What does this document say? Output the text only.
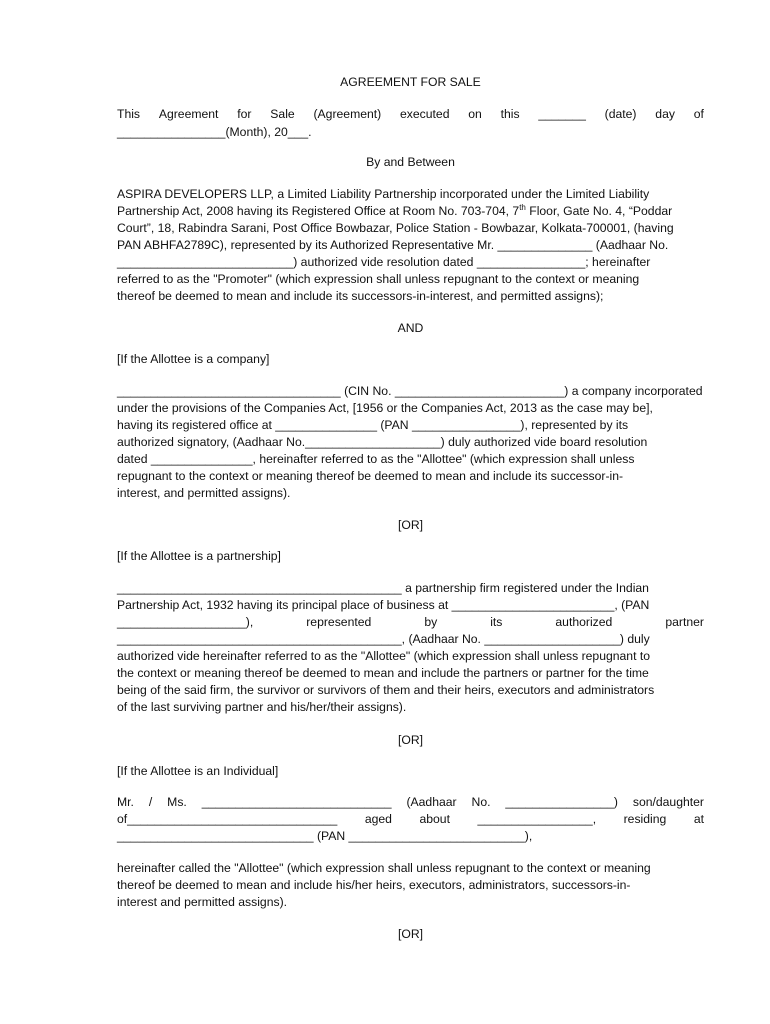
AGREEMENT FOR SALE
This Agreement for Sale (Agreement) executed on this _______ (date) day of
________________(Month), 20___.
By and Between
ASPIRA DEVELOPERS LLP, a Limited Liability Partnership incorporated under the Limited Liability
Partnership Act, 2008 having its Registered Office at Room No. 703-704, 7th Floor, Gate No. 4, “Poddar
Court”, 18, Rabindra Sarani, Post Office Bowbazar, Police Station - Bowbazar, Kolkata-700001, (having
PAN ABHFA2789C), represented by its Authorized Representative Mr. ______________ (Aadhaar No.
__________________________) authorized vide resolution dated ________________; hereinafter
referred to as the "Promoter" (which expression shall unless repugnant to the context or meaning
thereof be deemed to mean and include its successors-in-interest, and permitted assigns);
AND
[If the Allottee is a company]
_________________________________ (CIN No. _________________________) a company incorporated
under the provisions of the Companies Act, [1956 or the Companies Act, 2013 as the case may be],
having its registered office at _______________ (PAN ________________), represented by its
authorized signatory, (Aadhaar No.____________________) duly authorized vide board resolution
dated _______________, hereinafter referred to as the "Allottee" (which expression shall unless
repugnant to the context or meaning thereof be deemed to mean and include its successor-in-
interest, and permitted assigns).
[OR]
[If the Allottee is a partnership]
__________________________________________ a partnership firm registered under the Indian
Partnership Act, 1932 having its principal place of business at ________________________, (PAN
___________________),	represented	by	its	authorized	partner
__________________________________________, (Aadhaar No. ____________________) duly
authorized vide hereinafter referred to as the "Allottee" (which expression shall unless repugnant to
the context or meaning thereof be deemed to mean and include the partners or partner for the time
being of the said firm, the survivor or survivors of them and their heirs, executors and administrators
of the last surviving partner and his/her/their assigns).
[OR]
[If the Allottee is an Individual]
Mr. / Ms. ____________________________ (Aadhaar No. ________________) son/daughter
of_______________________________ aged about _________________, residing at
_____________________________ (PAN __________________________),
hereinafter called the "Allottee" (which expression shall unless repugnant to the context or meaning
thereof be deemed to mean and include his/her heirs, executors, administrators, successors-in-
interest and permitted assigns).
[OR]
